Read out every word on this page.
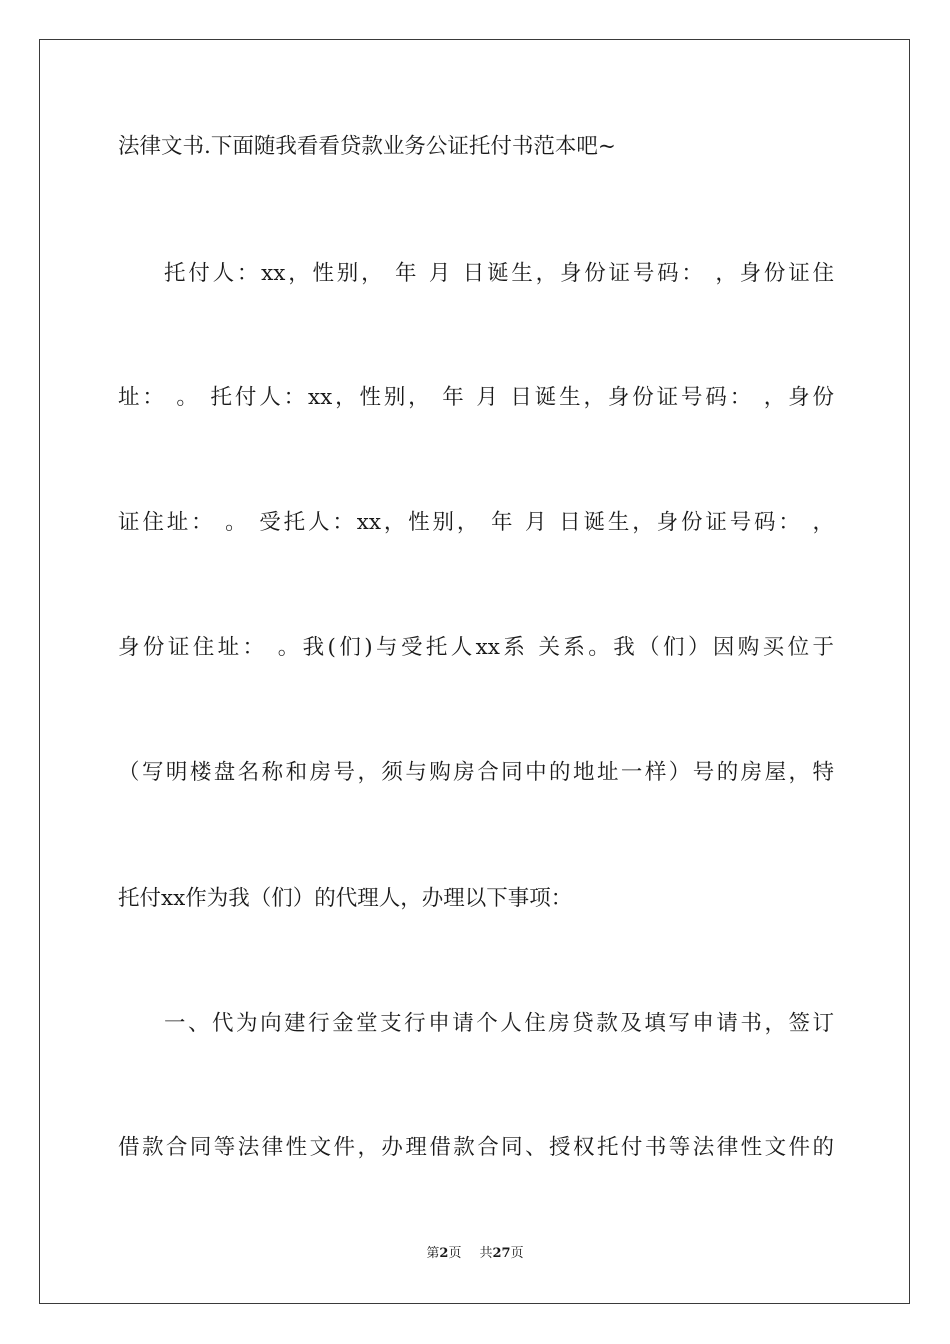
法律文书.下面随我看看贷款业务公证托付书范本吧~
托付人：xx，性别， 年 月 日诞生，身份证号码： ，身份证住
址： 。 托付人：xx，性别， 年 月 日诞生，身份证号码： ，身份
证住址： 。 受托人：xx，性别， 年 月 日诞生，身份证号码： ，
身份证住址： 。我(们)与受托人xx系 关系。我（们）因购买位于
（写明楼盘名称和房号，须与购房合同中的地址一样）号的房屋，特
托付xx作为我（们）的代理人，办理以下事项：
一、代为向建行金堂支行申请个人住房贷款及填写申请书，签订
借款合同等法律性文件，办理借款合同、授权托付书等法律性文件的
第2页 共27页
